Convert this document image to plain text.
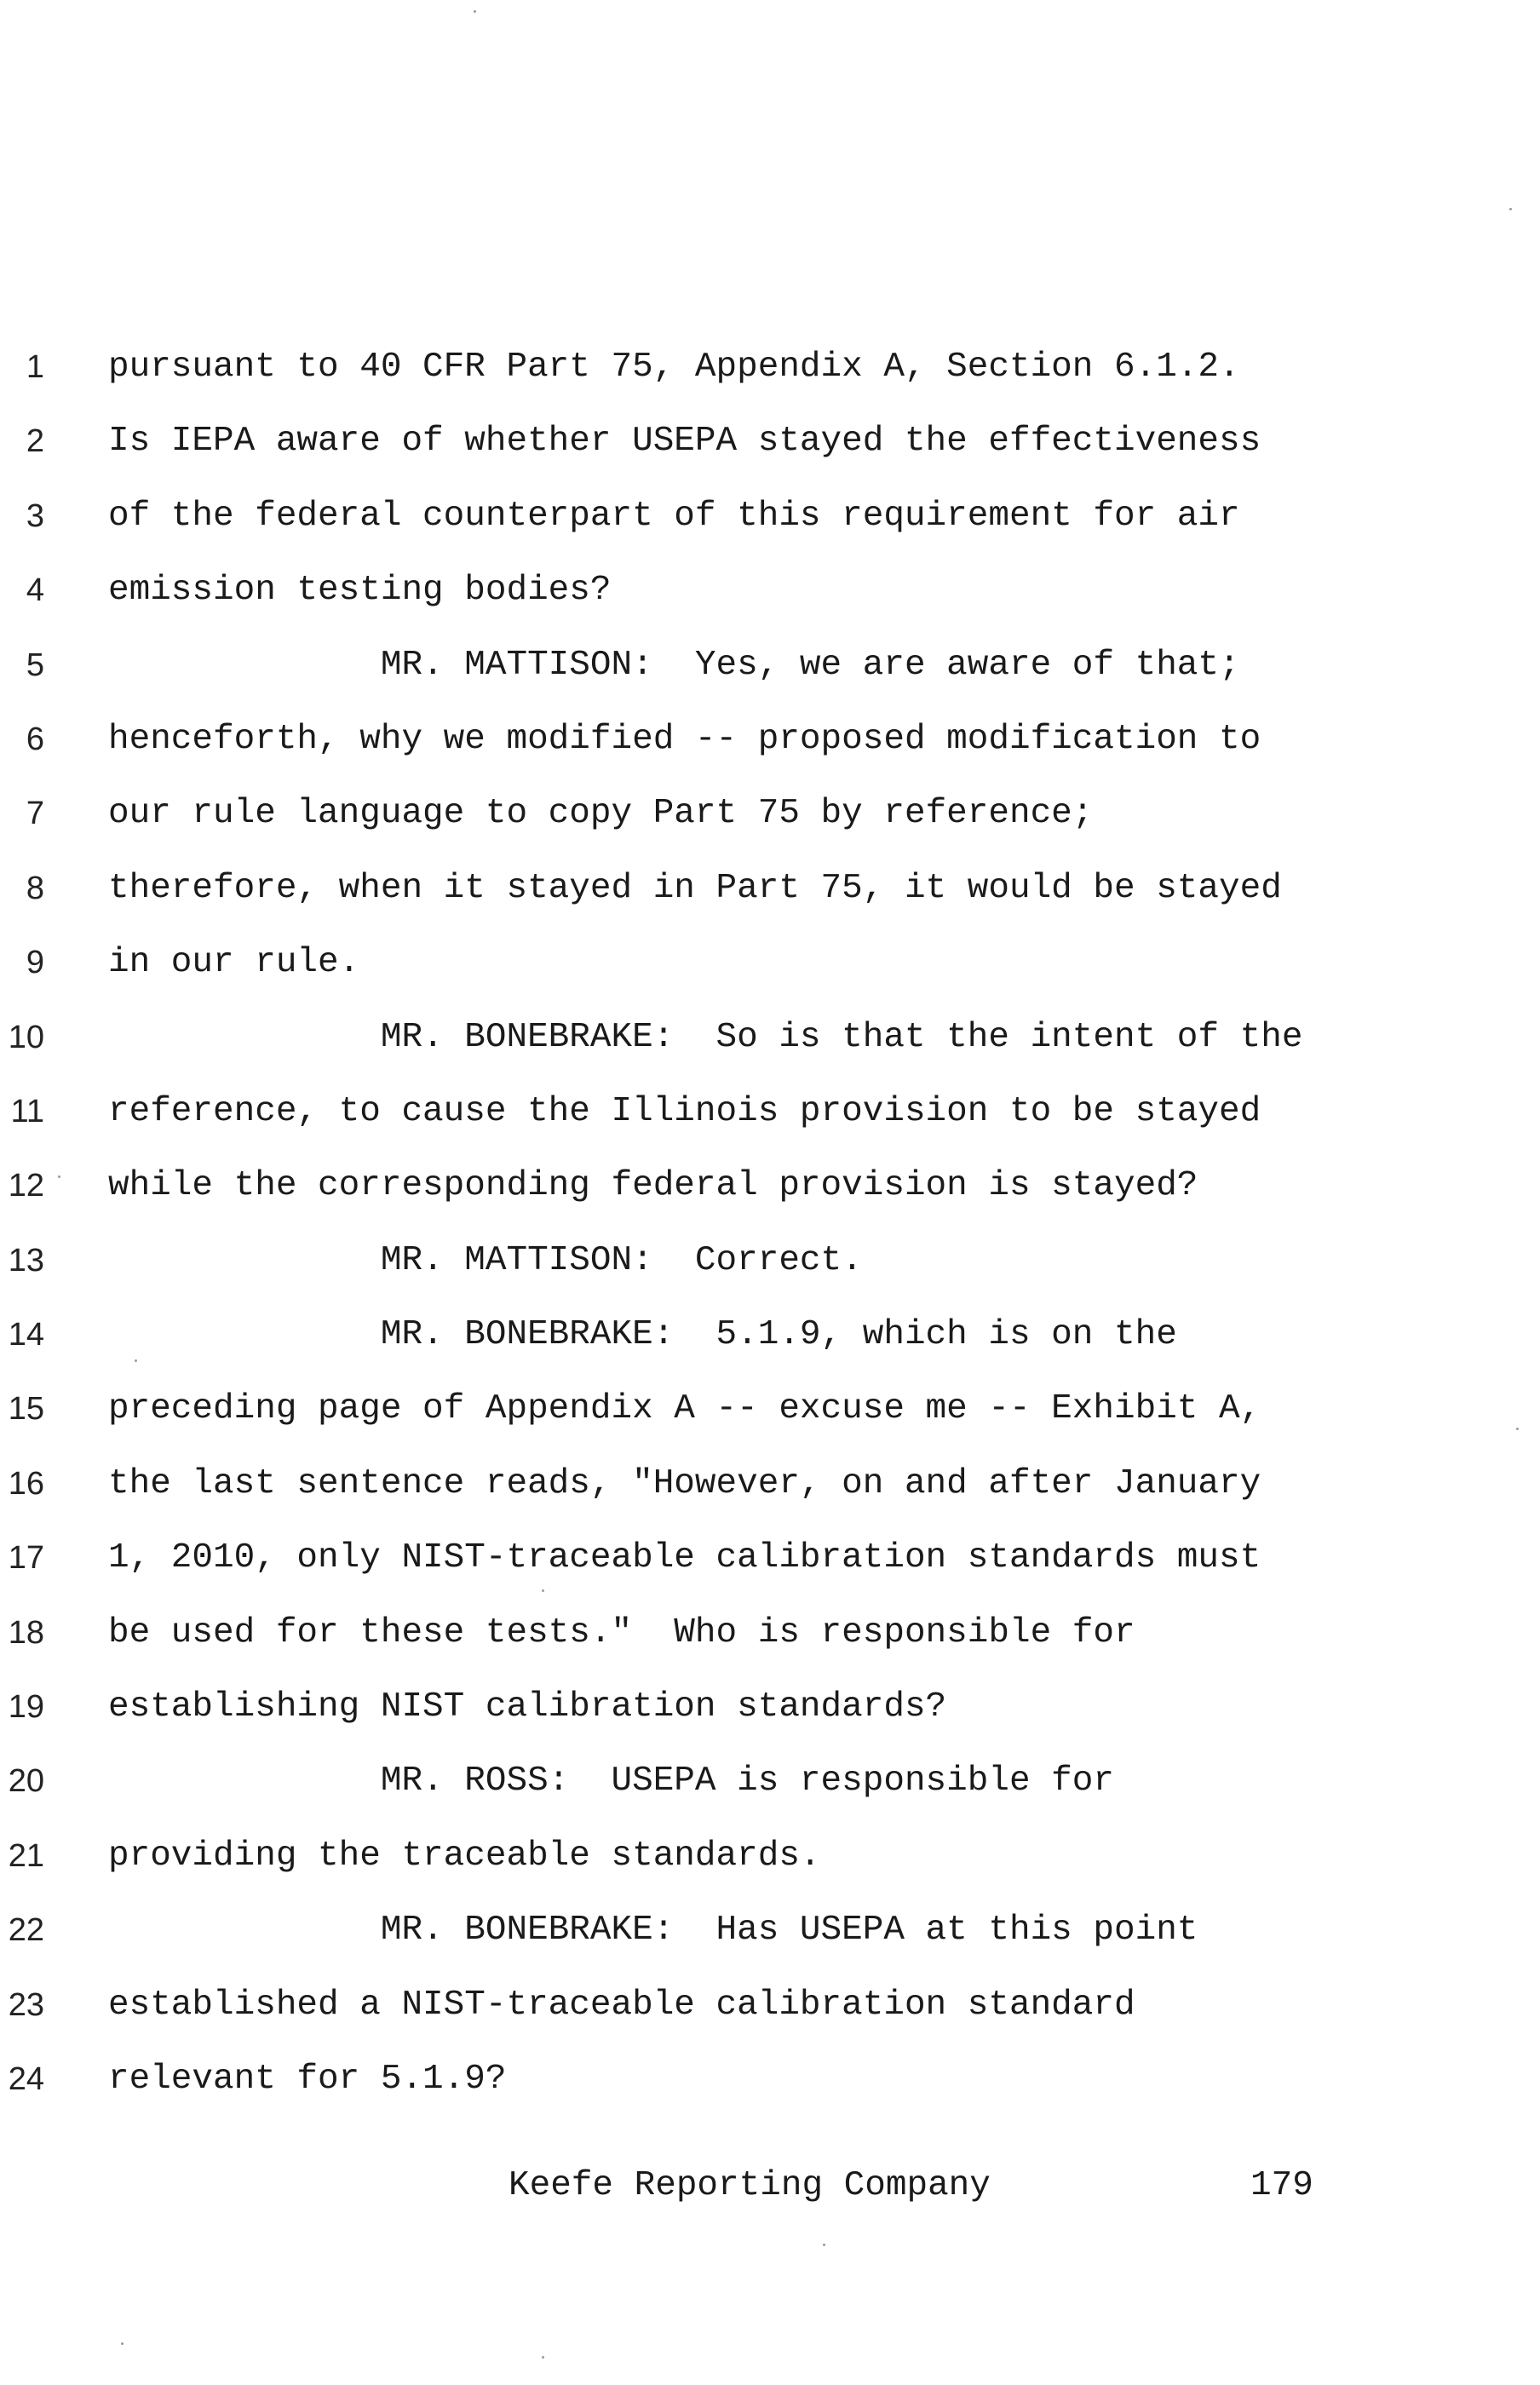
1 pursuant to 40 CFR Part 75, Appendix A, Section 6.1.2.
2 Is IEPA aware of whether USEPA stayed the effectiveness
3 of the federal counterpart of this requirement for air
4 emission testing bodies?
5 MR. MATTISON:  Yes, we are aware of that;
6 henceforth, why we modified -- proposed modification to
7 our rule language to copy Part 75 by reference;
8 therefore, when it stayed in Part 75, it would be stayed
9 in our rule.
10 MR. BONEBRAKE:  So is that the intent of the
11 reference, to cause the Illinois provision to be stayed
12 while the corresponding federal provision is stayed?
13 MR. MATTISON:  Correct.
14 MR. BONEBRAKE:  5.1.9, which is on the
15 preceding page of Appendix A -- excuse me -- Exhibit A,
16 the last sentence reads, "However, on and after January
17 1, 2010, only NIST-traceable calibration standards must
18 be used for these tests."  Who is responsible for
19 establishing NIST calibration standards?
20 MR. ROSS:  USEPA is responsible for
21 providing the traceable standards.
22 MR. BONEBRAKE:  Has USEPA at this point
23 established a NIST-traceable calibration standard
24 relevant for 5.1.9?
Keefe Reporting Company	179
